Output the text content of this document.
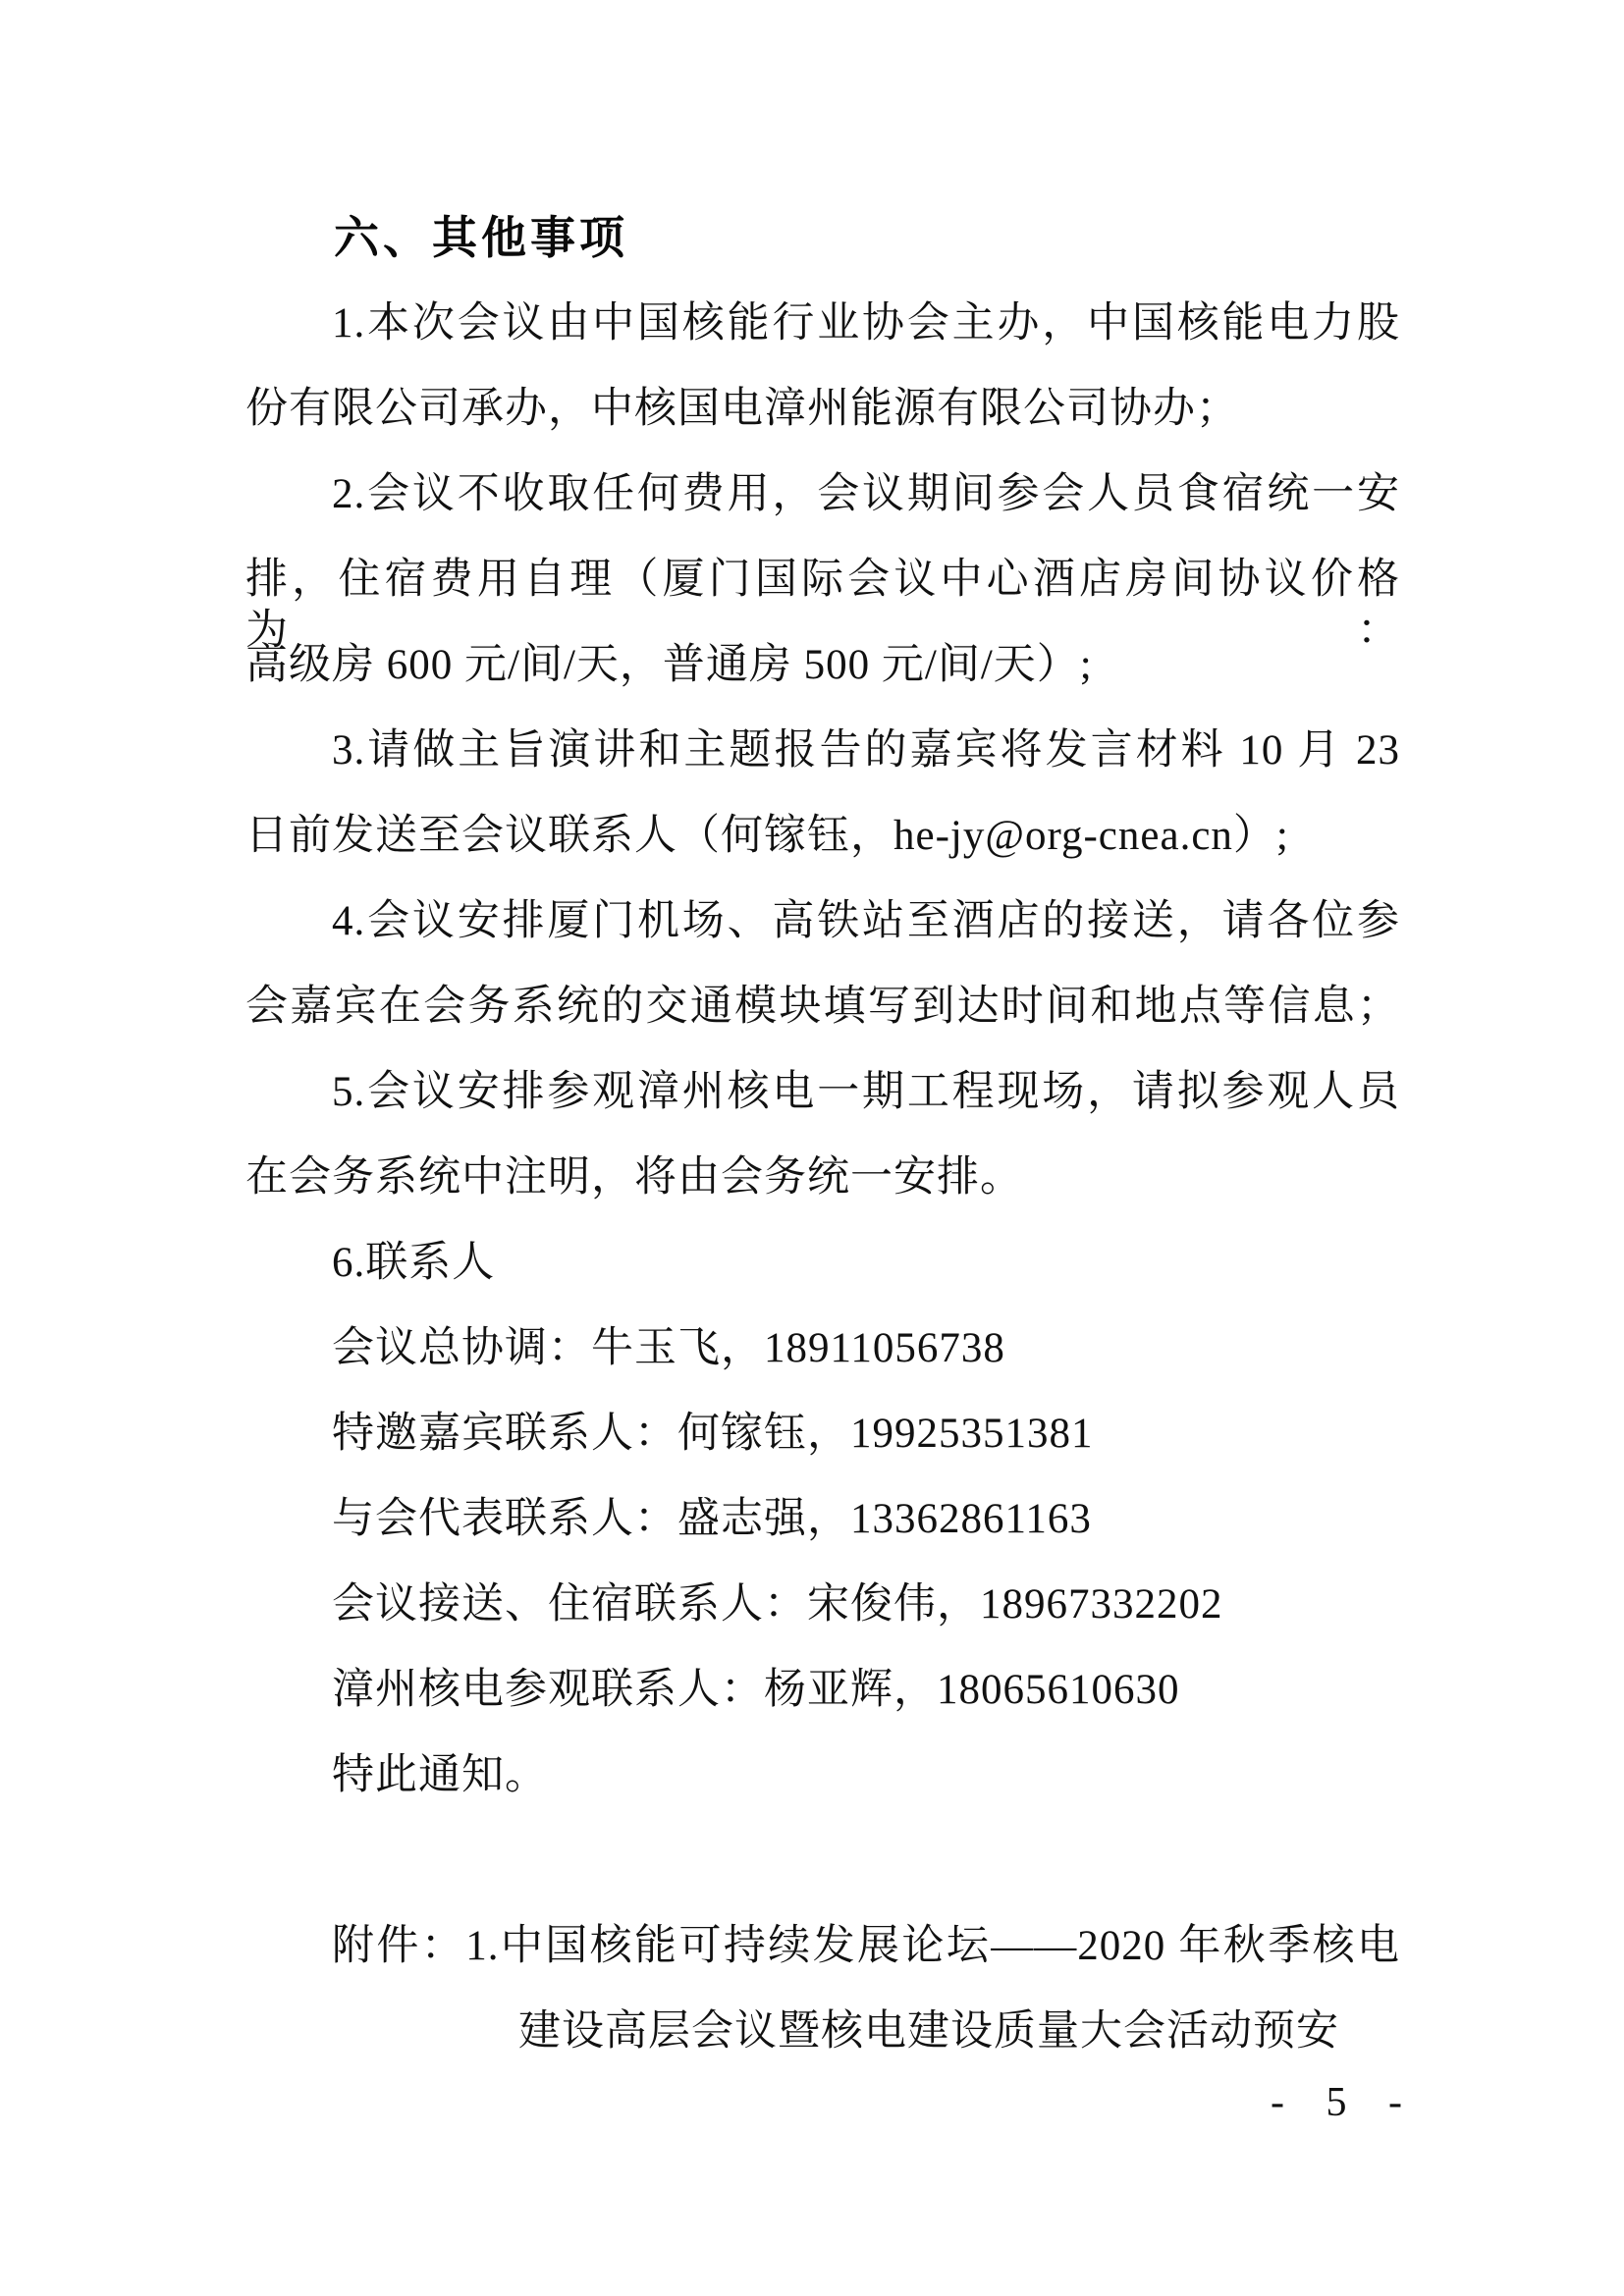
六、其他事项
1.本次会议由中国核能行业协会主办，中国核能电力股
份有限公司承办，中核国电漳州能源有限公司协办；
2.会议不收取任何费用，会议期间参会人员食宿统一安
排，住宿费用自理（厦门国际会议中心酒店房间协议价格为：
高级房 600 元/间/天，普通房 500 元/间/天）;
3.请做主旨演讲和主题报告的嘉宾将发言材料 10 月 23
日前发送至会议联系人（何镓钰，he-jy@org-cnea.cn）;
4.会议安排厦门机场、高铁站至酒店的接送，请各位参
会嘉宾在会务系统的交通模块填写到达时间和地点等信息；
5.会议安排参观漳州核电一期工程现场，请拟参观人员
在会务系统中注明，将由会务统一安排。
6.联系人
会议总协调：牛玉飞，18911056738
特邀嘉宾联系人：何镓钰，19925351381
与会代表联系人：盛志强，13362861163
会议接送、住宿联系人：宋俊伟，18967332202
漳州核电参观联系人：杨亚辉，18065610630
特此通知。
附件：1.中国核能可持续发展论坛——2020 年秋季核电
建设高层会议暨核电建设质量大会活动预安
- 5 -
